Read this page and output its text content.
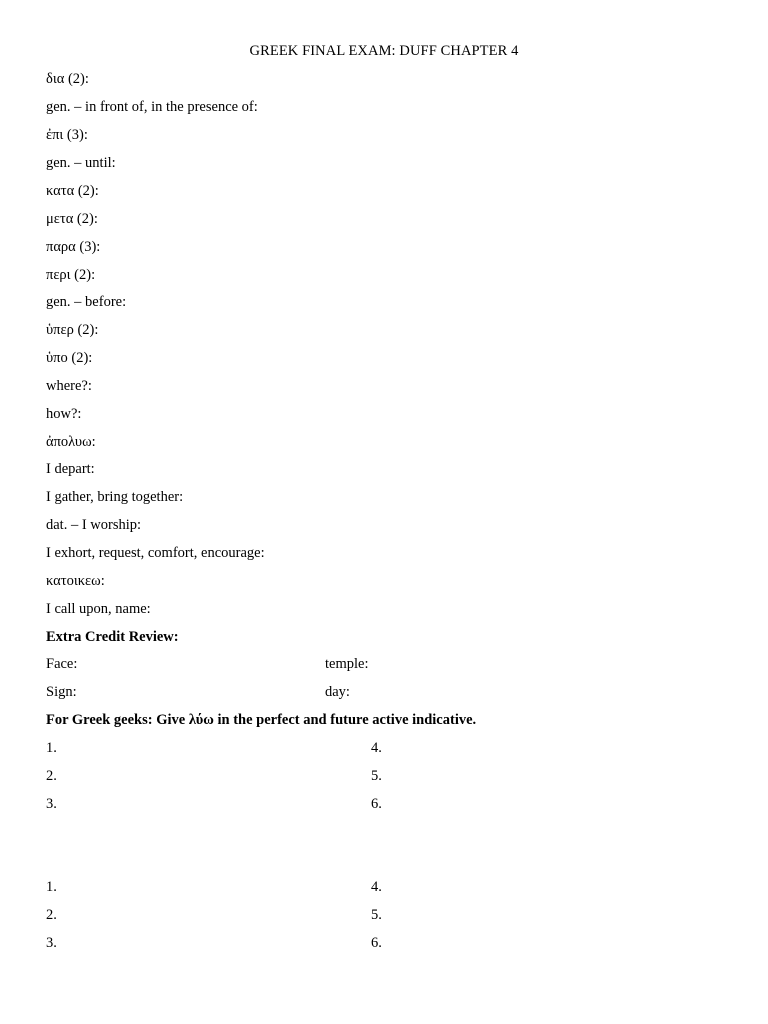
GREEK FINAL EXAM: DUFF CHAPTER 4
δια (2):
gen. – in front of, in the presence of:
ἐπι (3):
gen. – until:
κατα (2):
μετα (2):
παρα (3):
περι (2):
gen. – before:
ὑπερ (2):
ὑπο (2):
where?:
how?:
ἀπολυω:
I depart:
I gather, bring together:
dat. – I worship:
I exhort, request, comfort, encourage:
κατοικεω:
I call upon, name:
Extra Credit Review:
Face:	temple:
Sign:	day:
For Greek geeks: Give λύω in the perfect and future active indicative.
1.	4.
2.	5.
3.	6.
1.	4.
2.	5.
3.	6.
